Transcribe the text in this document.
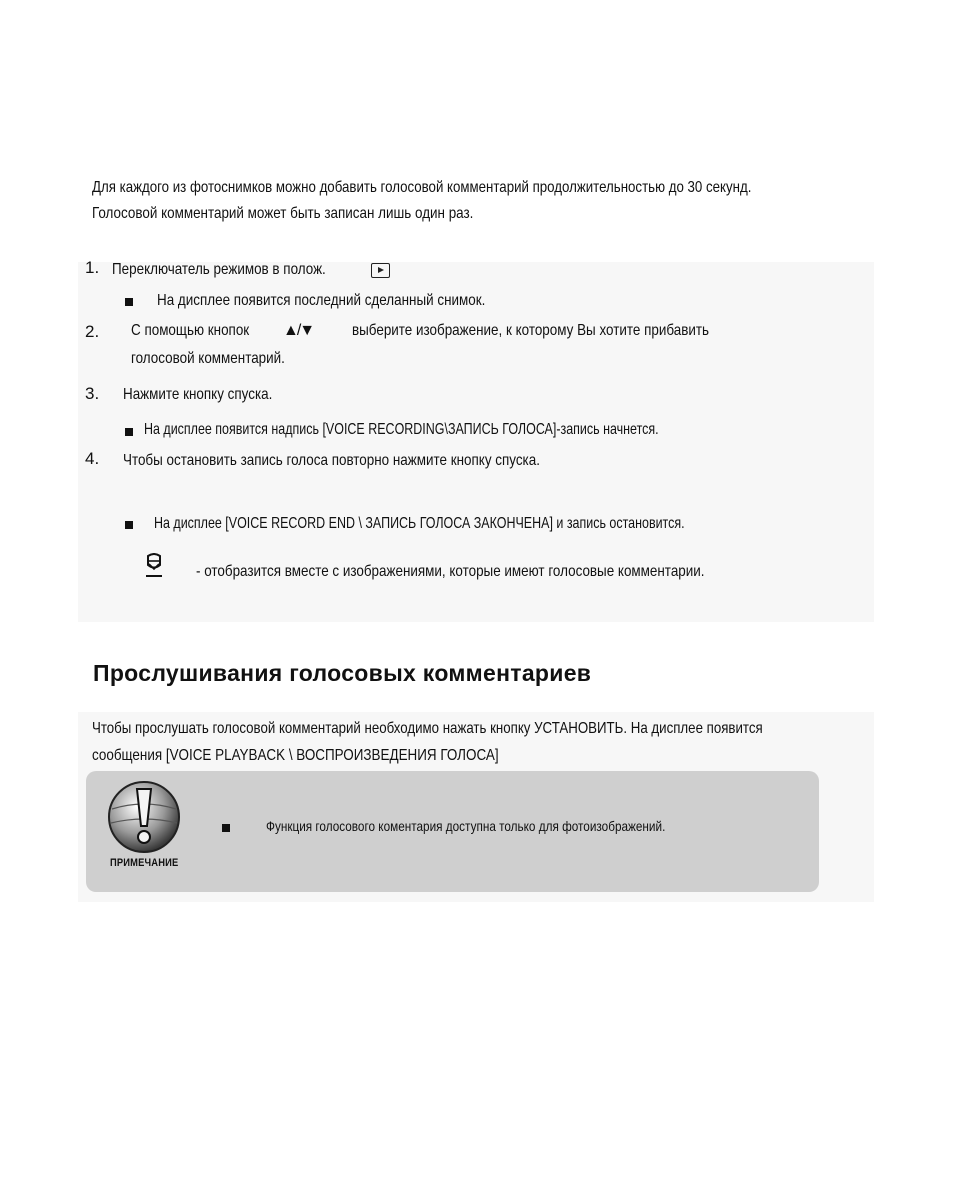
Для каждого из фотоснимков можно добавить голосовой комментарий продолжительностью до 30 секунд.
Голосовой комментарий может быть записан лишь один раз.
1. Переключатель режимов в полож.
На дисплее появится последний сделанный снимок.
2. С помощью кнопок	▲/▼ выберите изображение, к которому Вы хотите прибавить
голосовой комментарий.
3. Нажмите кнопку спуска.
На дисплее появится надпись [VOICE RECORDING\ЗАПИСЬ ГОЛОСА]-запись начнется.
4. Чтобы остановить запись голоса повторно нажмите кнопку спуска.
На дисплее [VOICE RECORD END \ ЗАПИСЬ ГОЛОСА ЗАКОНЧЕНА] и запись остановится.
- отобразится вместе с изображениями, которые имеют голосовые комментарии.
Прослушивания голосовых комментариев
Чтобы прослушать голосовой комментарий необходимо нажать кнопку УСТАНОВИТЬ. На дисплее появится
сообщения [VOICE PLAYBACK \ ВОСПРОИЗВЕДЕНИЯ ГОЛОСА]
ПРИМЕЧАНИЕ
Функция голосового коментария доступна только для фотоизображений.
